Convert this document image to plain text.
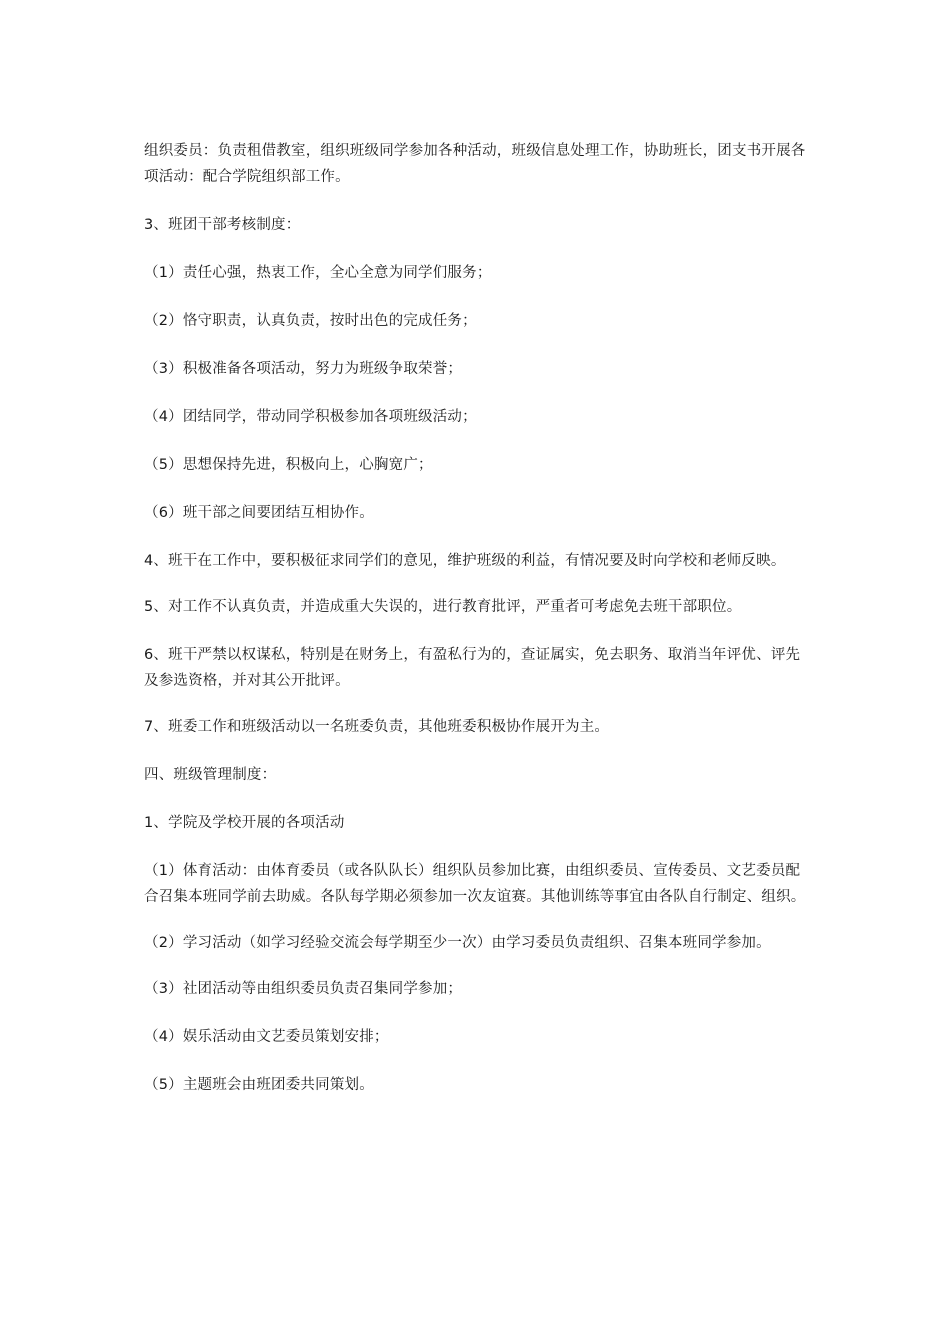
组织委员：负责租借教室，组织班级同学参加各种活动，班级信息处理工作，协助班长，团支书开展各项活动：配合学院组织部工作。

3、班团干部考核制度：

（1）责任心强，热衷工作，全心全意为同学们服务；

（2）恪守职责，认真负责，按时出色的完成任务；

（3）积极准备各项活动，努力为班级争取荣誉；

（4）团结同学，带动同学积极参加各项班级活动；

（5）思想保持先进，积极向上，心胸宽广；

（6）班干部之间要团结互相协作。

4、班干在工作中，要积极征求同学们的意见，维护班级的利益，有情况要及时向学校和老师反映。

5、对工作不认真负责，并造成重大失误的，进行教育批评，严重者可考虑免去班干部职位。

6、班干严禁以权谋私，特别是在财务上，有盈私行为的，查证属实，免去职务、取消当年评优、评先及参选资格，并对其公开批评。

7、班委工作和班级活动以一名班委负责，其他班委积极协作展开为主。

四、班级管理制度：

1、学院及学校开展的各项活动

（1）体育活动：由体育委员（或各队队长）组织队员参加比赛，由组织委员、宣传委员、文艺委员配合召集本班同学前去助威。各队每学期必须参加一次友谊赛。其他训练等事宜由各队自行制定、组织。

（2）学习活动（如学习经验交流会每学期至少一次）由学习委员负责组织、召集本班同学参加。

（3）社团活动等由组织委员负责召集同学参加；

（4）娱乐活动由文艺委员策划安排；

（5）主题班会由班团委共同策划。
